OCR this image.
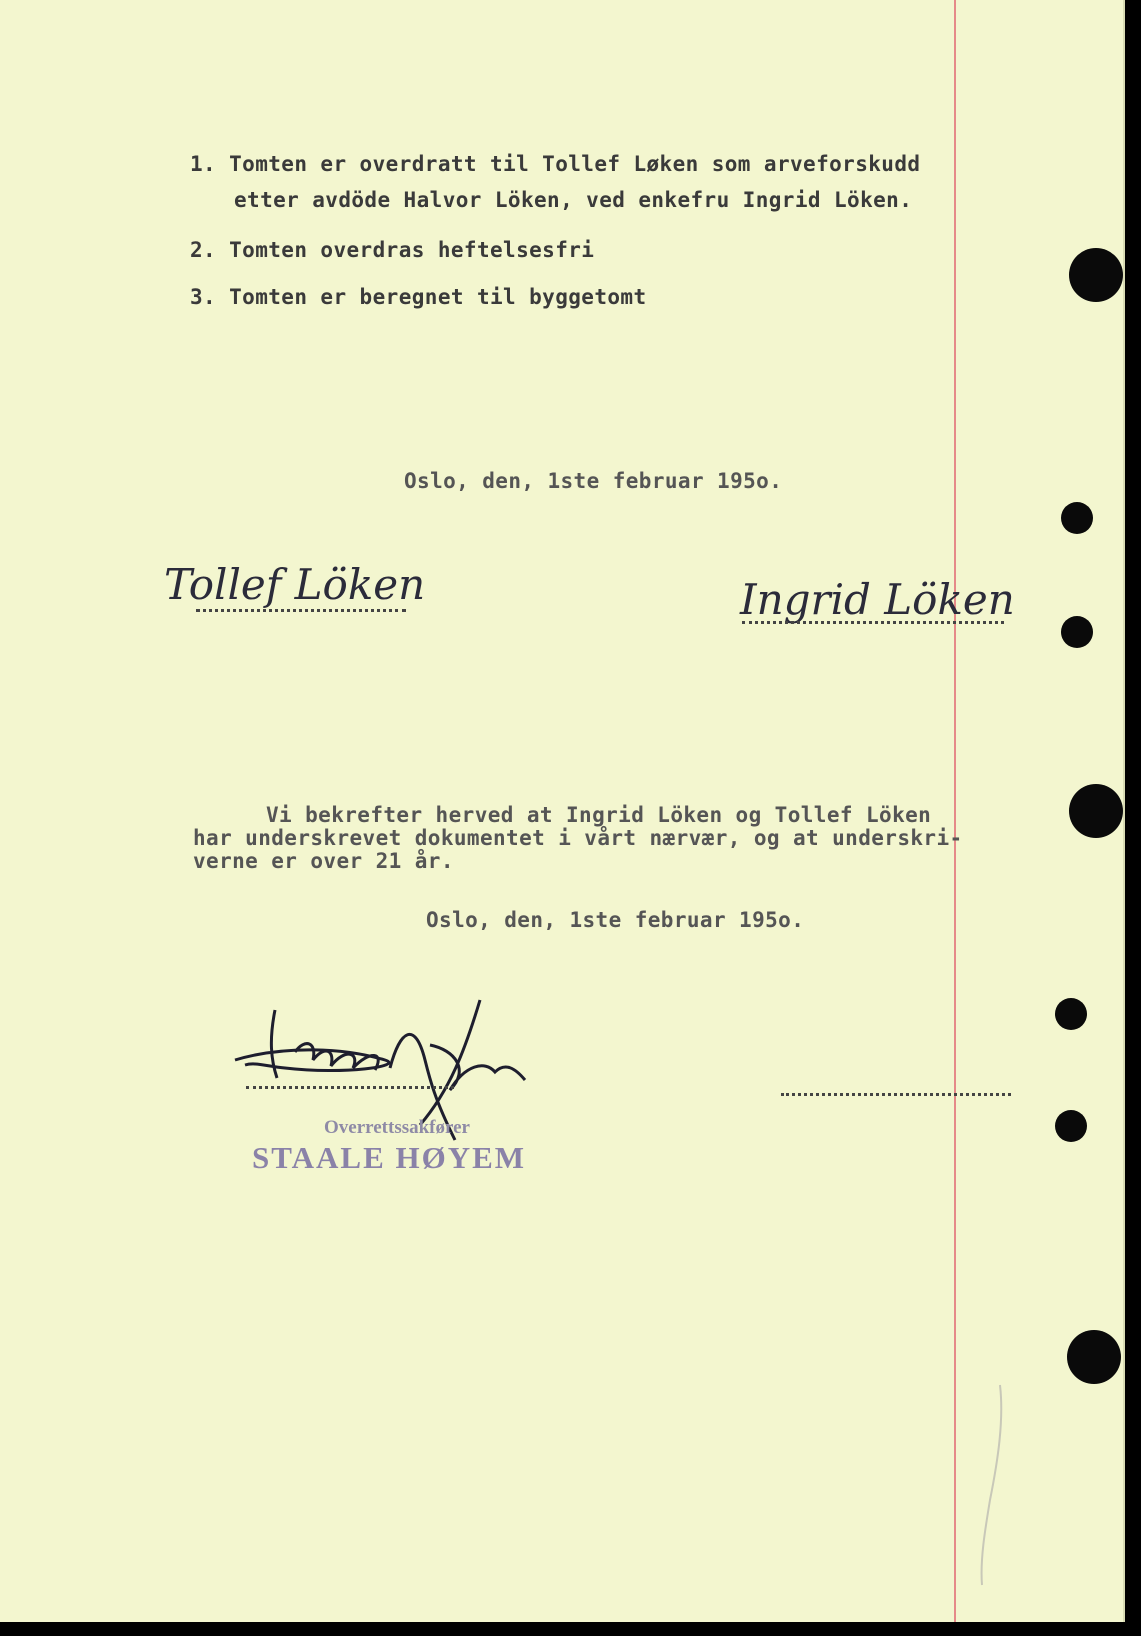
1. Tomten er overdratt til Tollef Løken som arveforskudd
etter avdöde Halvor Löken, ved enkefru Ingrid Löken.
2. Tomten overdras heftelsesfri
3. Tomten er beregnet til byggetomt
Oslo, den, 1ste februar 195o.
Tollef Löken	Ingrid Löken
Vi bekrefter herved at Ingrid Löken og Tollef Löken
har underskrevet dokumentet i vårt nærvær, og at underskri-
verne er over 21 år.
Oslo, den, 1ste februar 195o.
Overrettssakfører
STAALE HØYEM
